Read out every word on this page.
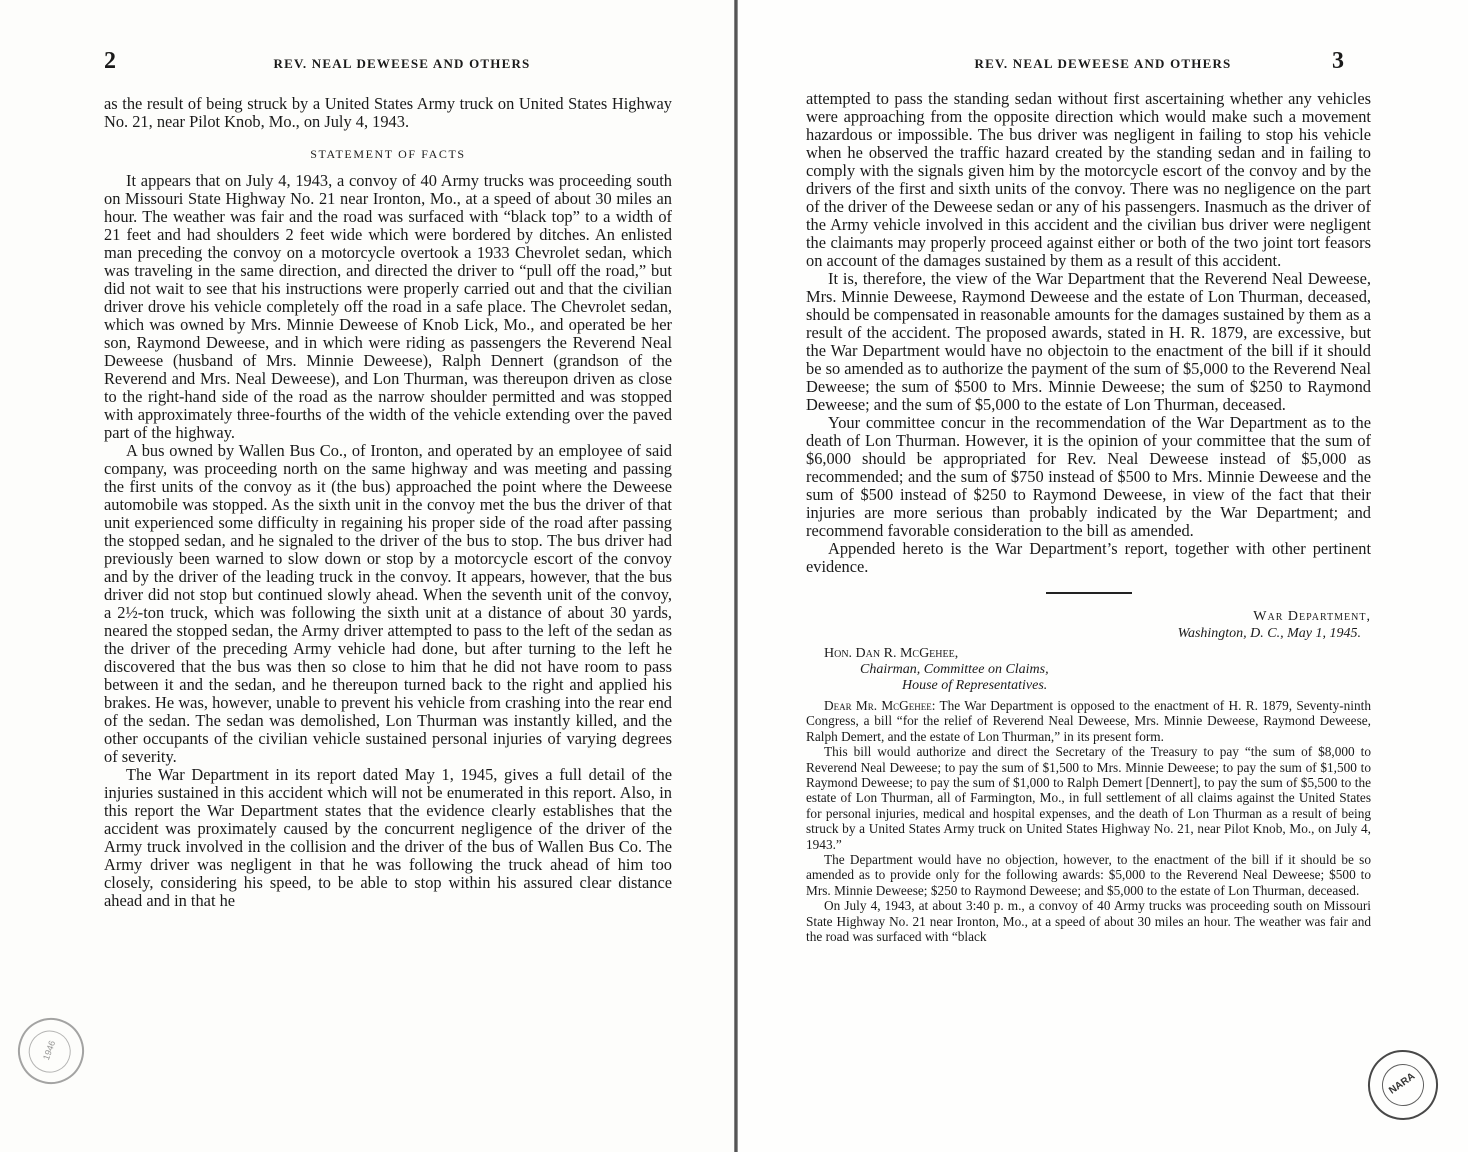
2	REV. NEAL DEWEESE AND OTHERS

as the result of being struck by a United States Army truck on United States Highway No. 21, near Pilot Knob, Mo., on July 4, 1943.

STATEMENT OF FACTS

It appears that on July 4, 1943, a convoy of 40 Army trucks was proceeding south on Missouri State Highway No. 21 near Ironton, Mo., at a speed of about 30 miles an hour. The weather was fair and the road was surfaced with “black top” to a width of 21 feet and had shoulders 2 feet wide which were bordered by ditches. An enlisted man preceding the convoy on a motorcycle overtook a 1933 Chevrolet sedan, which was traveling in the same direction, and directed the driver to “pull off the road,” but did not wait to see that his instructions were properly carried out and that the civilian driver drove his vehicle completely off the road in a safe place. The Chevrolet sedan, which was owned by Mrs. Minnie Deweese of Knob Lick, Mo., and operated be her son, Raymond Deweese, and in which were riding as passengers the Reverend Neal Deweese (husband of Mrs. Minnie Deweese), Ralph Dennert (grandson of the Reverend and Mrs. Neal Deweese), and Lon Thurman, was thereupon driven as close to the right-hand side of the road as the narrow shoulder permitted and was stopped with approximately three-fourths of the width of the vehicle extending over the paved part of the highway.

A bus owned by Wallen Bus Co., of Ironton, and operated by an employee of said company, was proceeding north on the same highway and was meeting and passing the first units of the convoy as it (the bus) approached the point where the Deweese automobile was stopped. As the sixth unit in the convoy met the bus the driver of that unit experienced some difficulty in regaining his proper side of the road after passing the stopped sedan, and he signaled to the driver of the bus to stop. The bus driver had previously been warned to slow down or stop by a motorcycle escort of the convoy and by the driver of the leading truck in the convoy. It appears, however, that the bus driver did not stop but continued slowly ahead. When the seventh unit of the convoy, a 2½-ton truck, which was following the sixth unit at a distance of about 30 yards, neared the stopped sedan, the Army driver attempted to pass to the left of the sedan as the driver of the preceding Army vehicle had done, but after turning to the left he discovered that the bus was then so close to him that he did not have room to pass between it and the sedan, and he thereupon turned back to the right and applied his brakes. He was, however, unable to prevent his vehicle from crashing into the rear end of the sedan. The sedan was demolished, Lon Thurman was instantly killed, and the other occupants of the civilian vehicle sustained personal injuries of varying degrees of severity.

The War Department in its report dated May 1, 1945, gives a full detail of the injuries sustained in this accident which will not be enumerated in this report. Also, in this report the War Department states that the evidence clearly establishes that the accident was proximately caused by the concurrent negligence of the driver of the Army truck involved in the collision and the driver of the bus of Wallen Bus Co. The Army driver was negligent in that he was following the truck ahead of him too closely, considering his speed, to be able to stop within his assured clear distance ahead and in that he

1946
REV. NEAL DEWEESE AND OTHERS	3

attempted to pass the standing sedan without first ascertaining whether any vehicles were approaching from the opposite direction which would make such a movement hazardous or impossible. The bus driver was negligent in failing to stop his vehicle when he observed the traffic hazard created by the standing sedan and in failing to comply with the signals given him by the motorcycle escort of the convoy and by the drivers of the first and sixth units of the convoy. There was no negligence on the part of the driver of the Deweese sedan or any of his passengers. Inasmuch as the driver of the Army vehicle involved in this accident and the civilian bus driver were negligent the claimants may properly proceed against either or both of the two joint tort feasors on account of the damages sustained by them as a result of this accident.

It is, therefore, the view of the War Department that the Reverend Neal Deweese, Mrs. Minnie Deweese, Raymond Deweese and the estate of Lon Thurman, deceased, should be compensated in reasonable amounts for the damages sustained by them as a result of the accident. The proposed awards, stated in H. R. 1879, are excessive, but the War Department would have no objectoin to the enactment of the bill if it should be so amended as to authorize the payment of the sum of $5,000 to the Reverend Neal Deweese; the sum of $500 to Mrs. Minnie Deweese; the sum of $250 to Raymond Deweese; and the sum of $5,000 to the estate of Lon Thurman, deceased.

Your committee concur in the recommendation of the War Department as to the death of Lon Thurman. However, it is the opinion of your committee that the sum of $6,000 should be appropriated for Rev. Neal Deweese instead of $5,000 as recommended; and the sum of $750 instead of $500 to Mrs. Minnie Deweese and the sum of $500 instead of $250 to Raymond Deweese, in view of the fact that their injuries are more serious than probably indicated by the War Department; and recommend favorable consideration to the bill as amended.

Appended hereto is the War Department’s report, together with other pertinent evidence.

War Department,
Washington, D. C., May 1, 1945.
Hon. Dan R. McGehee,
Chairman, Committee on Claims,
House of Representatives.

Dear Mr. McGehee: The War Department is opposed to the enactment of H. R. 1879, Seventy-ninth Congress, a bill “for the relief of Reverend Neal Deweese, Mrs. Minnie Deweese, Raymond Deweese, Ralph Demert, and the estate of Lon Thurman,” in its present form.

This bill would authorize and direct the Secretary of the Treasury to pay “the sum of $8,000 to Reverend Neal Deweese; to pay the sum of $1,500 to Mrs. Minnie Deweese; to pay the sum of $1,500 to Raymond Deweese; to pay the sum of $1,000 to Ralph Demert [Dennert], to pay the sum of $5,500 to the estate of Lon Thurman, all of Farmington, Mo., in full settlement of all claims against the United States for personal injuries, medical and hospital expenses, and the death of Lon Thurman as a result of being struck by a United States Army truck on United States Highway No. 21, near Pilot Knob, Mo., on July 4, 1943.”

The Department would have no objection, however, to the enactment of the bill if it should be so amended as to provide only for the following awards: $5,000 to the Reverend Neal Deweese; $500 to Mrs. Minnie Deweese; $250 to Raymond Deweese; and $5,000 to the estate of Lon Thurman, deceased.

On July 4, 1943, at about 3:40 p. m., a convoy of 40 Army trucks was proceeding south on Missouri State Highway No. 21 near Ironton, Mo., at a speed of about 30 miles an hour. The weather was fair and the road was surfaced with “black

NARA
